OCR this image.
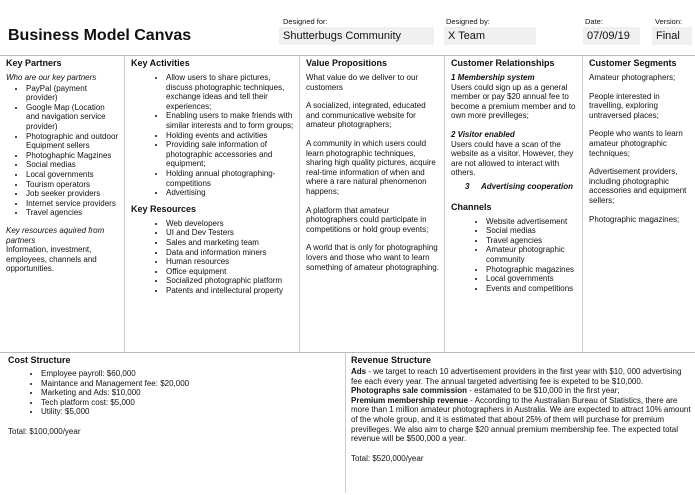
Business Model Canvas
Designed for:
Shutterbugs Community
Designed by:
X Team
Date:
07/09/19
Version:
Final
Key Partners
Who are our key partners
• PayPal (payment provider)
• Google Map (Location and navigation service provider)
• Photographic and outdoor Equipment sellers
• Photoghaphic Magzines
• Social medias
• Local governments
• Tourism operators
• Job seeker providers
• Internet service providers
• Travel agencies
Key resources aquired from partners
Information, investment, employees, channels and opportunities.
Key Activities
• Allow users to share pictures, discuss photographic techniques, exchange ideas and tell their experiences;
• Enabling users to make friends with similar interests and to form groups;
• Holding events and activities
• Providing sale information of photographic accessories and equipment;
• Holding annual photographing-competitions
• Advertising
Key Resources
• Web developers
• UI and Dev Testers
• Sales and marketing team
• Data and information miners
• Human resources
• Office equipment
• Socialized photographic platform
• Patents and intellectural property
Value Propositions

What value do we deliver to our customers

A socialized, integrated, educated and communicative website for amateur photographers;

A community in which users could learn photographic techniques, sharing high quality pictures, acquire real-time information of when and where a rare natural phenomenon happens;

A platform that amateur photographers could participate in competitions or hold group events;

A world that is only for photographing lovers and those who want to learn something of amateur photographing.

Customer Relationships
1 Membership system

Users could sign up as a general member or pay $20 annual fee to become a premium member and to own more previlleges;

2 Visitor enabled
Users could have a scan of the website as a visitor. However, they are not allowed to interact with others.
3	Advertising cooperation
Channels
• Website advertisement
• Social medias
• Travel agencies
• Amateur photographic community
• Photographic magazines
• Local governments
• Events and competitions
Customer Segments

Amateur photographers;

People interested in travelling, exploring untraversed places;

People who wants to learn amateur photographic techniques;

Advertisement providers, including photographic accessories and equipment sellers;

Photographic magazines;

Cost Structure
• Employee payroll: $60,000
• Maintance and Management fee: $20,000
• Marketing and Ads: $10,000
• Tech platform cost: $5,000
• Utility: $5,000
Total: $100,000/year
Revenue Structure
Ads - we target to reach 10 advertisement providers in the first year with $10, 000 advertising fee each every year. The annual targeted advertising fee is expeted to be $10,000.
Photographs sale commission - estamated to be $10,000 in the first year;
Premium membership revenue - According to the Australian Bureau of Statistics, there are more than 1 million amateur photographers in Australia. We are expected to attract 10% amount of the whole group, and it is estimated that about 25% of them will purchase for premium previlleges. We also aim to charge $20 annual premium membership fee. The expected total revenue will be $500,000 a year.
Total: $520,000/year
